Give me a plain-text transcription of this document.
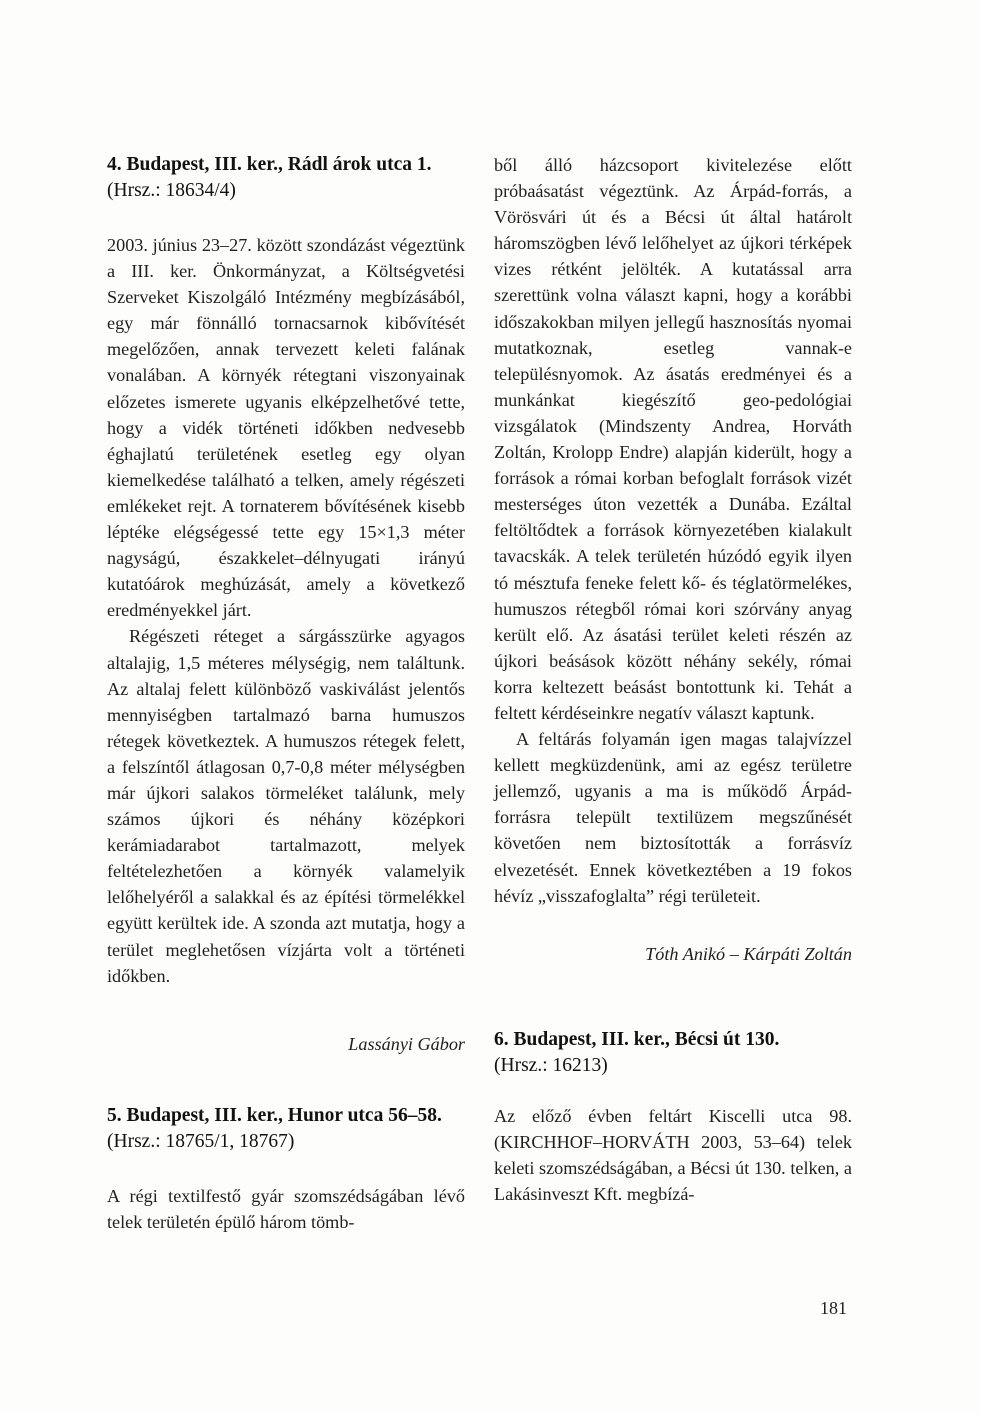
4. Budapest, III. ker., Rádl árok utca 1.

(Hrsz.: 18634/4)

2003. június 23–27. között szondázást végeztünk a III. ker. Önkormányzat, a Költségvetési Szerveket Kiszolgáló Intézmény megbízásából, egy már fönnálló tornacsarnok kibővítését megelőzően, annak tervezett keleti falának vonalában. A környék rétegtani viszonyainak előzetes ismerete ugyanis elképzelhetővé tette, hogy a vidék történeti időkben nedvesebb éghajlatú területének esetleg egy olyan kiemelkedése található a telken, amely régészeti emlékeket rejt. A tornaterem bővítésének kisebb léptéke elégségessé tette egy 15×1,3 méter nagyságú, északkelet–délnyugati irányú kutatóárok meghúzását, amely a következő eredményekkel járt.

Régészeti réteget a sárgásszürke agyagos altalajig, 1,5 méteres mélységig, nem találtunk. Az altalaj felett különböző vaskiválást jelentős mennyiségben tartalmazó barna humuszos rétegek következtek. A humuszos rétegek felett, a felszíntől átlagosan 0,7-0,8 méter mélységben már újkori salakos törmeléket találunk, mely számos újkori és néhány középkori kerámiadarabot tartalmazott, melyek feltételezhetően a környék valamelyik lelőhelyéről a salakkal és az építési törmelékkel együtt kerültek ide. A szonda azt mutatja, hogy a terület meglehetősen vízjárta volt a történeti időkben.

Lassányi Gábor

5. Budapest, III. ker., Hunor utca 56–58.

(Hrsz.: 18765/1, 18767)

A régi textilfestő gyár szomszédságában lévő telek területén épülő három tömb-

ből álló házcsoport kivitelezése előtt próbaásatást végeztünk. Az Árpád-forrás, a Vörösvári út és a Bécsi út által határolt háromszögben lévő lelőhelyet az újkori térképek vizes rétként jelölték. A kutatással arra szerettünk volna választ kapni, hogy a korábbi időszakokban milyen jellegű hasznosítás nyomai mutatkoznak, esetleg vannak-e településnyomok. Az ásatás eredményei és a munkánkat kiegészítő geo-pedológiai vizsgálatok (Mindszenty Andrea, Horváth Zoltán, Krolopp Endre) alapján kiderült, hogy a források a római korban befoglalt források vizét mesterséges úton vezették a Dunába. Ezáltal feltöltődtek a források környezetében kialakult tavacskák. A telek területén húzódó egyik ilyen tó mésztufa feneke felett kő- és téglatörmelékes, humuszos rétegből római kori szórvány anyag került elő. Az ásatási terület keleti részén az újkori beásások között néhány sekély, római korra keltezett beásást bontottunk ki. Tehát a feltett kérdéseinkre negatív választ kaptunk.

A feltárás folyamán igen magas talajvízzel kellett megküzdenünk, ami az egész területre jellemző, ugyanis a ma is működő Árpád-forrásra települt textilüzem megszűnését követően nem biztosították a forrásvíz elvezetését. Ennek következtében a 19 fokos hévíz „visszafoglalta” régi területeit.

Tóth Anikó – Kárpáti Zoltán

6. Budapest, III. ker., Bécsi út 130.

(Hrsz.: 16213)

Az előző évben feltárt Kiscelli utca 98. (KIRCHHOF–HORVÁTH 2003, 53–64) telek keleti szomszédságában, a Bécsi út 130. telken, a Lakásinveszt Kft. megbízá-

181
